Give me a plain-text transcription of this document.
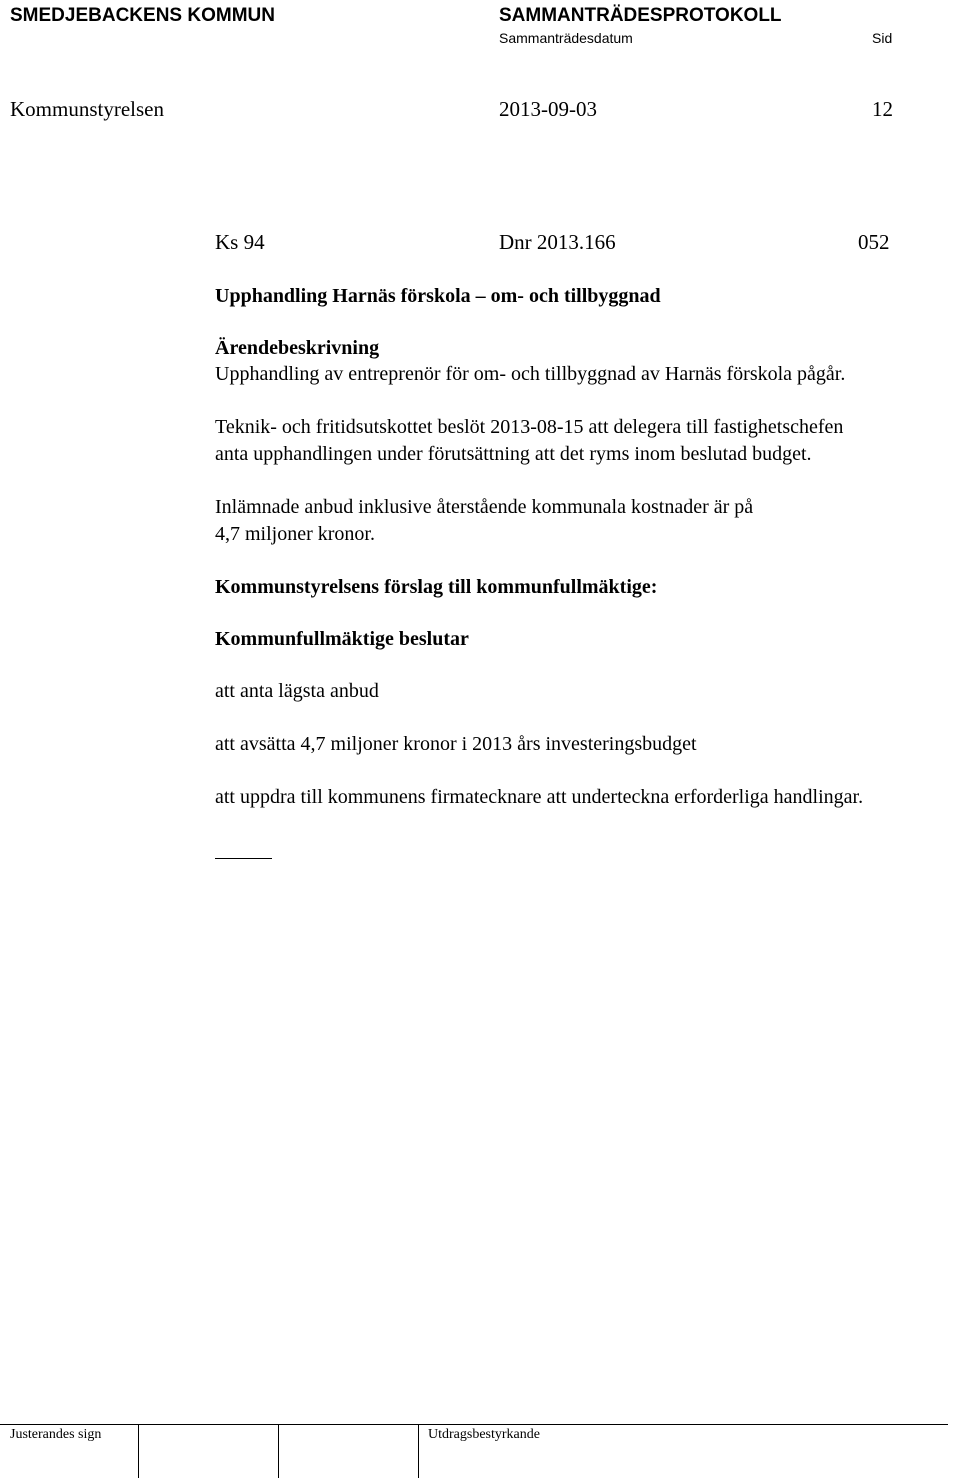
SMEDJEBACKENS KOMMUN	SAMMANTRÄDESPROTOKOLL
Sammanträdesdatum	Sid
Kommunstyrelsen	2013-09-03	12
Ks 94	Dnr 2013.166	052
Upphandling Harnäs förskola – om- och tillbyggnad
Ärendebeskrivning
Upphandling av entreprenör för om- och tillbyggnad av Harnäs förskola pågår.
Teknik- och fritidsutskottet beslöt 2013-08-15 att delegera till fastighetschefen
anta upphandlingen under förutsättning att det ryms inom beslutad budget.
Inlämnade anbud inklusive återstående kommunala kostnader är på
4,7 miljoner kronor.
Kommunstyrelsens förslag till kommunfullmäktige:
Kommunfullmäktige beslutar
att anta lägsta anbud
att avsätta 4,7 miljoner kronor i 2013 års investeringsbudget
att uppdra till kommunens firmatecknare att underteckna erforderliga handlingar.
Justerandes sign	Utdragsbestyrkande
